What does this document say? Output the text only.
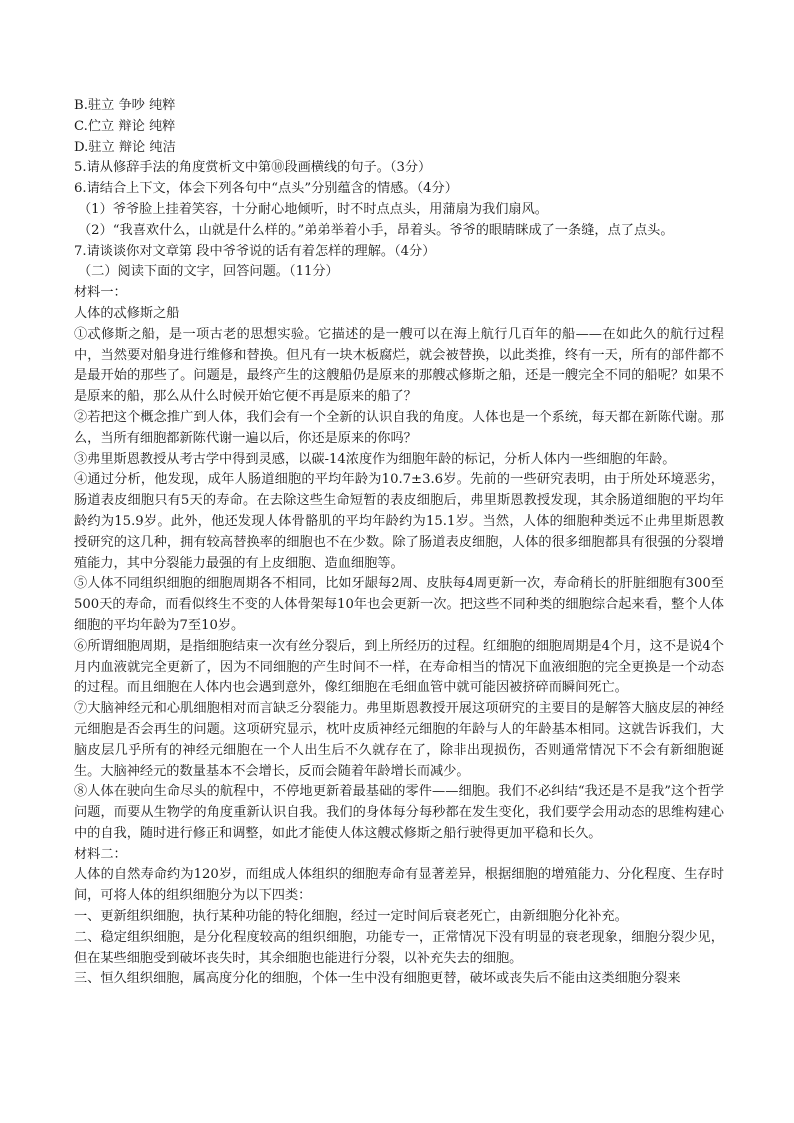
B.驻立 争吵 纯粹
C.伫立 辩论 纯粹
D.驻立 辩论 纯洁
5.请从修辞手法的角度赏析文中第⑩段画横线的句子。（3分）
6.请结合上下文，体会下列各句中“点头”分别蕴含的情感。（4分）
（1）爷爷脸上挂着笑容，十分耐心地倾听，时不时点点头，用蒲扇为我们扇风。
（2）“我喜欢什么，山就是什么样的。”弟弟举着小手，昂着头。爷爷的眼睛眯成了一条缝，点了点头。
7.请谈谈你对文章第 段中爷爷说的话有着怎样的理解。（4分）
（二）阅读下面的文字，回答问题。（11分）
材料一：
人体的忒修斯之船
①忒修斯之船，是一项古老的思想实验。它描述的是一艘可以在海上航行几百年的船——在如此久的航行过程中，当然要对船身进行维修和替换。但凡有一块木板腐烂，就会被替换，以此类推，终有一天，所有的部件都不是最开始的那些了。问题是，最终产生的这艘船仍是原来的那艘忒修斯之船，还是一艘完全不同的船呢？如果不是原来的船，那么从什么时候开始它便不再是原来的船了？
②若把这个概念推广到人体，我们会有一个全新的认识自我的角度。人体也是一个系统，每天都在新陈代谢。那么，当所有细胞都新陈代谢一遍以后，你还是原来的你吗？
③弗里斯恩教授从考古学中得到灵感，以碳-14浓度作为细胞年龄的标记，分析人体内一些细胞的年龄。
④通过分析，他发现，成年人肠道细胞的平均年龄为10.7±3.6岁。先前的一些研究表明，由于所处环境恶劣，肠道表皮细胞只有5天的寿命。在去除这些生命短暂的表皮细胞后，弗里斯恩教授发现，其余肠道细胞的平均年龄约为15.9岁。此外，他还发现人体骨骼肌的平均年龄约为15.1岁。当然，人体的细胞种类远不止弗里斯恩教授研究的这几种，拥有较高替换率的细胞也不在少数。除了肠道表皮细胞，人体的很多细胞都具有很强的分裂增殖能力，其中分裂能力最强的有上皮细胞、造血细胞等。
⑤人体不同组织细胞的细胞周期各不相同，比如牙龈每2周、皮肤每4周更新一次，寿命稍长的肝脏细胞有300至500天的寿命，而看似终生不变的人体骨架每10年也会更新一次。把这些不同种类的细胞综合起来看，整个人体细胞的平均年龄为7至10岁。
⑥所谓细胞周期，是指细胞结束一次有丝分裂后，到上所经历的过程。红细胞的细胞周期是4个月，这不是说4个月内血液就完全更新了，因为不同细胞的产生时间不一样，在寿命相当的情况下血液细胞的完全更换是一个动态的过程。而且细胞在人体内也会遇到意外，像红细胞在毛细血管中就可能因被挤碎而瞬间死亡。
⑦大脑神经元和心肌细胞相对而言缺乏分裂能力。弗里斯恩教授开展这项研究的主要目的是解答大脑皮层的神经元细胞是否会再生的问题。这项研究显示，枕叶皮质神经元细胞的年龄与人的年龄基本相同。这就告诉我们，大脑皮层几乎所有的神经元细胞在一个人出生后不久就存在了，除非出现损伤，否则通常情况下不会有新细胞诞生。大脑神经元的数量基本不会增长，反而会随着年龄增长而减少。
⑧人体在驶向生命尽头的航程中，不停地更新着最基础的零件——细胞。我们不必纠结“我还是不是我”这个哲学问题，而要从生物学的角度重新认识自我。我们的身体每分每秒都在发生变化，我们要学会用动态的思维构建心中的自我，随时进行修正和调整，如此才能使人体这艘忒修斯之船行驶得更加平稳和长久。
材料二：
人体的自然寿命约为120岁，而组成人体组织的细胞寿命有显著差异，根据细胞的增殖能力、分化程度、生存时间，可将人体的组织细胞分为以下四类：
一、更新组织细胞，执行某种功能的特化细胞，经过一定时间后衰老死亡，由新细胞分化补充。
二、稳定组织细胞，是分化程度较高的组织细胞，功能专一，正常情况下没有明显的衰老现象，细胞分裂少见，但在某些细胞受到破坏丧失时，其余细胞也能进行分裂，以补充失去的细胞。
三、恒久组织细胞，属高度分化的细胞，个体一生中没有细胞更替，破坏或丧失后不能由这类细胞分裂来
